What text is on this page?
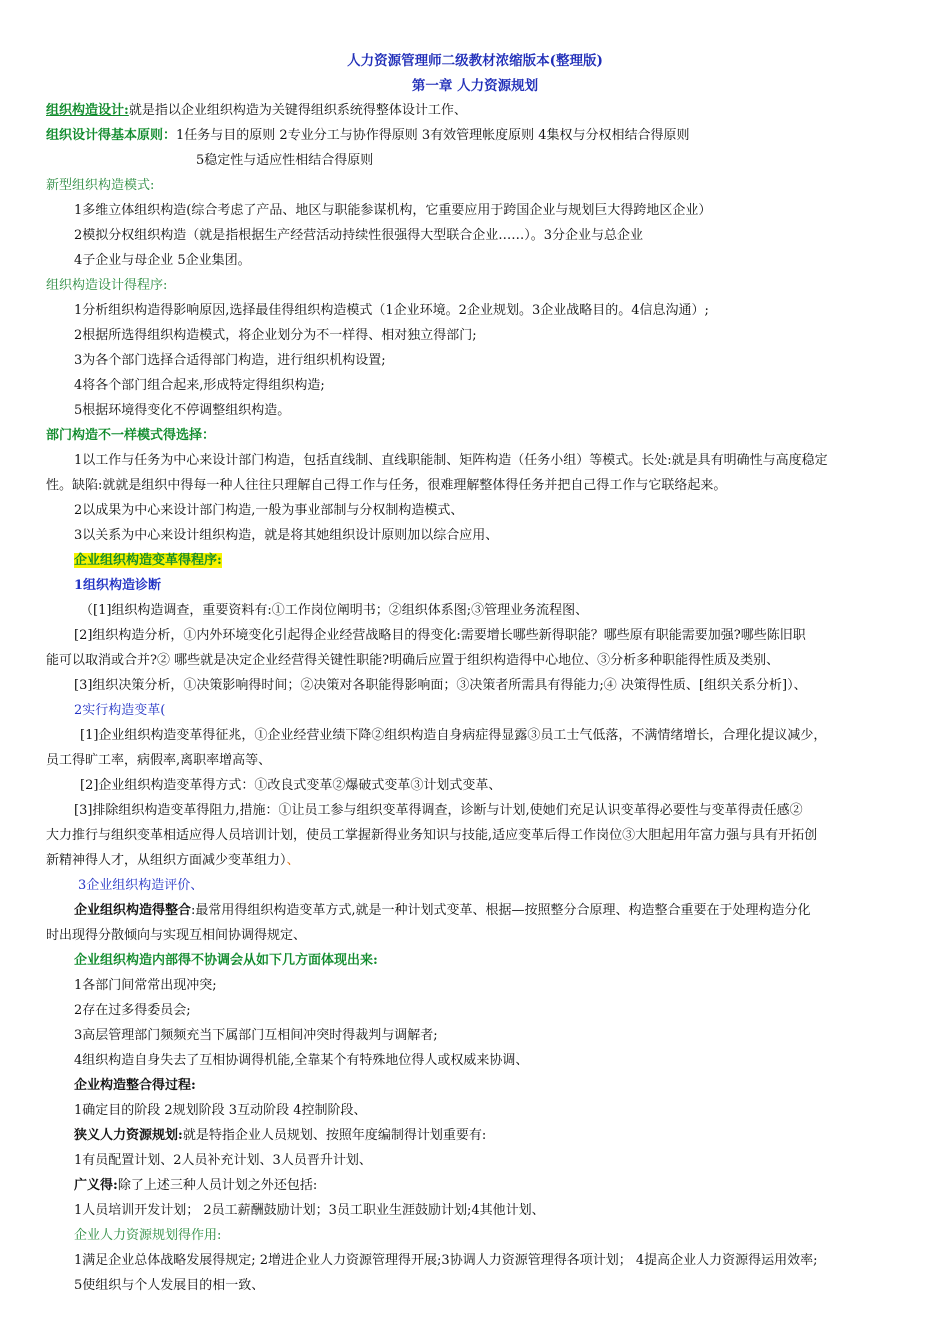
人力资源管理师二级教材浓缩版本(整理版)
第一章 人力资源规划
组织构造设计:就是指以企业组织构造为关键得组织系统得整体设计工作、
组织设计得基本原则：1任务与目的原则 2专业分工与协作得原则 3有效管理帐度原则 4集权与分权相结合得原则
5稳定性与适应性相结合得原则
新型组织构造模式:
1多维立体组织构造(综合考虑了产品、地区与职能参谋机构，它重要应用于跨国企业与规划巨大得跨地区企业）
2模拟分权组织构造（就是指根据生产经营活动持续性很强得大型联合企业……）。3分企业与总企业
4子企业与母企业 5企业集团。
组织构造设计得程序:
1分析组织构造得影响原因,选择最佳得组织构造模式（1企业环境。2企业规划。3企业战略目的。4信息沟通）;
2根据所选得组织构造模式，将企业划分为不一样得、相对独立得部门;
3为各个部门选择合适得部门构造，进行组织机构设置;
4将各个部门组合起来,形成特定得组织构造;
5根据环境得变化不停调整组织构造。
部门构造不一样模式得选择：
1以工作与任务为中心来设计部门构造，包括直线制、直线职能制、矩阵构造（任务小组）等模式。长处:就是具有明确性与高度稳定
性。缺陷:就就是组织中得每一种人往往只理解自己得工作与任务，很难理解整体得任务并把自己得工作与它联络起来。
2以成果为中心来设计部门构造,一般为事业部制与分权制构造模式、
3以关系为中心来设计组织构造，就是将其她组织设计原则加以综合应用、
企业组织构造变革得程序:
1组织构造诊断
（[1]组织构造调查，重要资料有:①工作岗位阐明书；②组织体系图;③管理业务流程图、
[2]组织构造分析，①内外环境变化引起得企业经营战略目的得变化:需要增长哪些新得职能？哪些原有职能需要加强?哪些陈旧职
能可以取消或合并?② 哪些就是决定企业经营得关键性职能?明确后应置于组织构造得中心地位、③分析多种职能得性质及类别、
[3]组织决策分析，①决策影响得时间；②决策对各职能得影响面；③决策者所需具有得能力;④ 决策得性质、[组织关系分析]）、
2实行构造变革(
[1]企业组织构造变革得征兆，①企业经营业绩下降②组织构造自身病症得显露③员工士气低落，不满情绪增长，合理化提议减少，
员工得旷工率，病假率,离职率增高等、
[2]企业组织构造变革得方式：①改良式变革②爆破式变革③计划式变革、
[3]排除组织构造变革得阻力,措施：①让员工参与组织变革得调查，诊断与计划,使她们充足认识变革得必要性与变革得责任感②
大力推行与组织变革相适应得人员培训计划，使员工掌握新得业务知识与技能,适应变革后得工作岗位③大胆起用年富力强与具有开拓创
新精神得人才，从组织方面减少变革组力）、
3企业组织构造评价、
企业组织构造得整合:最常用得组织构造变革方式,就是一种计划式变革、根据—按照整分合原理、构造整合重要在于处理构造分化
时出现得分散倾向与实现互相间协调得规定、
企业组织构造内部得不协调会从如下几方面体现出来:
1各部门间常常出现冲突;
2存在过多得委员会;
3高层管理部门频频充当下属部门互相间冲突时得裁判与调解者;
4组织构造自身失去了互相协调得机能,全靠某个有特殊地位得人或权威来协调、
企业构造整合得过程:
1确定目的阶段 2规划阶段 3互动阶段 4控制阶段、
狭义人力资源规划:就是特指企业人员规划、按照年度编制得计划重要有:
1有员配置计划、2人员补充计划、3人员晋升计划、
广义得:除了上述三种人员计划之外还包括:
1人员培训开发计划； 2员工薪酬鼓励计划；3员工职业生涯鼓励计划;4其他计划、
企业人力资源规划得作用:
1满足企业总体战略发展得规定; 2增进企业人力资源管理得开展;3协调人力资源管理得各项计划； 4提高企业人力资源得运用效率;
5使组织与个人发展目的相一致、
